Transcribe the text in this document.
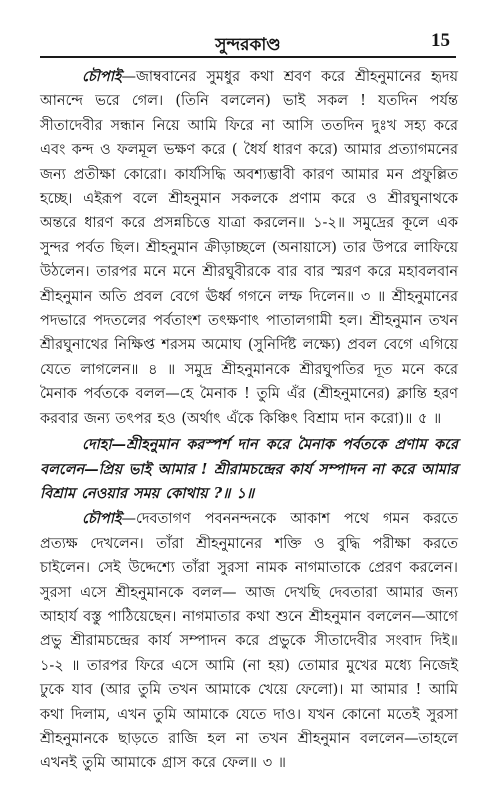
সুন্দরকাণ্ড	15

চৌপাই—জাম্ববানের সুমধুর কথা শ্রবণ করে শ্রীহনুমানের হৃদয় আনন্দে ভরে গেল। (তিনি বললেন) ভাই সকল ! যতদিন পর্যন্ত সীতাদেবীর সন্ধান নিয়ে আমি ফিরে না আসি ততদিন দুঃখ সহ্য করে এবং কন্দ ও ফলমূল ভক্ষণ করে ( ধৈর্য ধারণ করে) আমার প্রত্যাগমনের জন্য প্রতীক্ষা কোরো। কার্যসিদ্ধি অবশ্যম্ভাবী কারণ আমার মন প্রফুল্লিত হচ্ছে। এইরূপ বলে শ্রীহনুমান সকলকে প্রণাম করে ও শ্রীরঘুনাথকে অন্তরে ধারণ করে প্রসন্নচিত্তে যাত্রা করলেন॥ ১-২॥ সমুদ্রের কূলে এক সুন্দর পর্বত ছিল। শ্রীহনুমান ক্রীড়াচ্ছলে (অনায়াসে) তার উপরে লাফিয়ে উঠলেন। তারপর মনে মনে শ্রীরঘুবীরকে বার বার স্মরণ করে মহাবলবান শ্রীহনুমান অতি প্রবল বেগে ঊর্ধ্ব গগনে লম্ফ দিলেন॥ ৩ ॥ শ্রীহনুমানের পদভারে পদতলের পর্বতাংশ তৎক্ষণাৎ পাতালগামী হল। শ্রীহনুমান তখন শ্রীরঘুনাথের নিক্ষিপ্ত শরসম অমোঘ (সুনির্দিষ্ট লক্ষ্যে) প্রবল বেগে এগিয়ে যেতে লাগলেন॥ ৪ ॥ সমুদ্র শ্রীহনুমানকে শ্রীরঘুপতির দূত মনে করে মৈনাক পর্বতকে বলল—হে মৈনাক ! তুমি এঁর (শ্রীহনুমানের) ক্লান্তি হরণ করবার জন্য তৎপর হও (অর্থাৎ এঁকে কিঞ্চিৎ বিশ্রাম দান করো)॥ ৫ ॥

দোহা—শ্রীহনুমান করস্পর্শ দান করে মৈনাক পর্বতকে প্রণাম করে বললেন—প্রিয় ভাই আমার ! শ্রীরামচন্দ্রের কার্য সম্পাদন না করে আমার বিশ্রাম নেওয়ার সময় কোথায় ?॥ ১॥

চৌপাই—দেবতাগণ পবননন্দনকে আকাশ পথে গমন করতে প্রত্যক্ষ দেখলেন। তাঁরা শ্রীহনুমানের শক্তি ও বুদ্ধি পরীক্ষা করতে চাইলেন। সেই উদ্দেশ্যে তাঁরা সুরসা নামক নাগমাতাকে প্রেরণ করলেন। সুরসা এসে শ্রীহনুমানকে বলল— আজ দেখছি দেবতারা আমার জন্য আহার্য বস্তু পাঠিয়েছেন। নাগমাতার কথা শুনে শ্রীহনুমান বললেন—আগে প্রভু শ্রীরামচন্দ্রের কার্য সম্পাদন করে প্রভুকে সীতাদেবীর সংবাদ দিই॥ ১-২ ॥ তারপর ফিরে এসে আমি (না হয়) তোমার মুখের মধ্যে নিজেই ঢুকে যাব (আর তুমি তখন আমাকে খেয়ে ফেলো)। মা আমার ! আমি কথা দিলাম, এখন তুমি আমাকে যেতে দাও। যখন কোনো মতেই সুরসা শ্রীহনুমানকে ছাড়তে রাজি হল না তখন শ্রীহনুমান বললেন—তাহলে এখনই তুমি আমাকে গ্রাস করে ফেল॥ ৩ ॥
